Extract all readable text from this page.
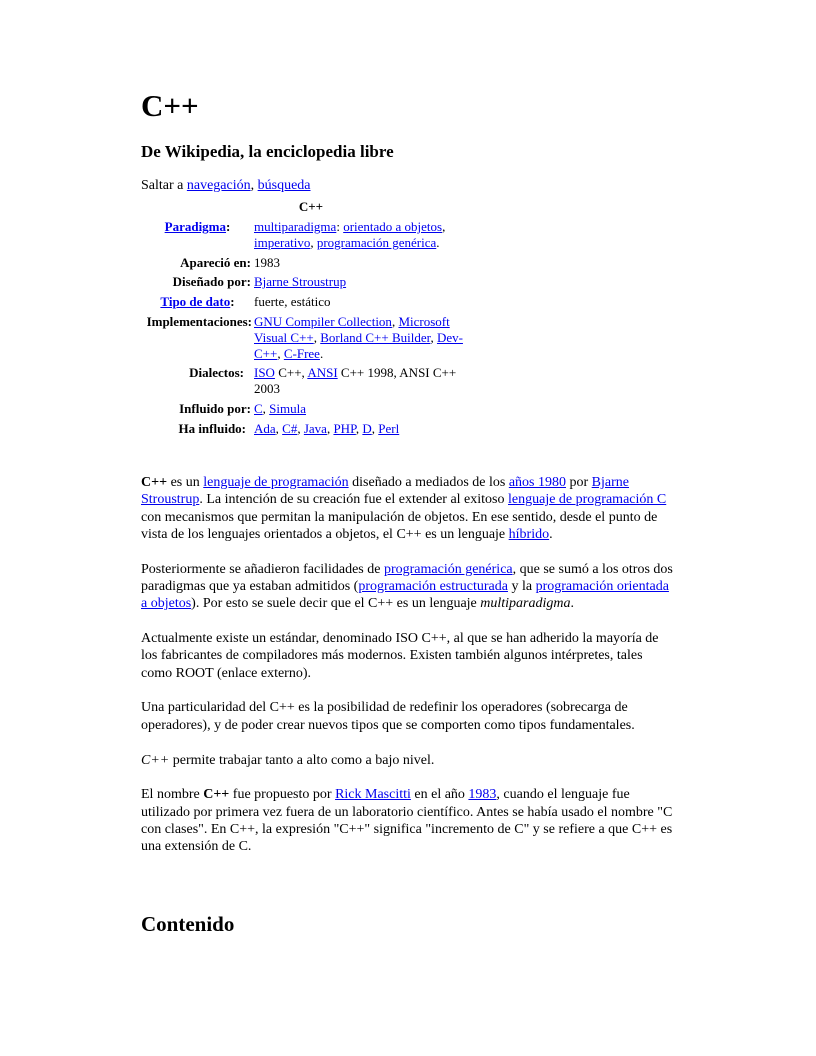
C++
De Wikipedia, la enciclopedia libre
Saltar a navegación, búsqueda
C++
Paradigma:	multiparadigma: orientado a objetos, imperativo, programación genérica.
Apareció en: 1983
Diseñado por: Bjarne Stroustrup
Tipo de dato:	fuerte, estático
Implementaciones: GNU Compiler Collection, Microsoft Visual C++, Borland C++ Builder, Dev-C++, C-Free.
Dialectos: ISO C++, ANSI C++ 1998, ANSI C++ 2003
Influido por: C, Simula
Ha influido: Ada, C#, Java, PHP, D, Perl

C++ es un lenguaje de programación diseñado a mediados de los años 1980 por Bjarne Stroustrup. La intención de su creación fue el extender al exitoso lenguaje de programación C con mecanismos que permitan la manipulación de objetos. En ese sentido, desde el punto de vista de los lenguajes orientados a objetos, el C++ es un lenguaje híbrido.

Posteriormente se añadieron facilidades de programación genérica, que se sumó a los otros dos paradigmas que ya estaban admitidos (programación estructurada y la programación orientada a objetos). Por esto se suele decir que el C++ es un lenguaje multiparadigma.

Actualmente existe un estándar, denominado ISO C++, al que se han adherido la mayoría de los fabricantes de compiladores más modernos. Existen también algunos intérpretes, tales como ROOT (enlace externo).

Una particularidad del C++ es la posibilidad de redefinir los operadores (sobrecarga de operadores), y de poder crear nuevos tipos que se comporten como tipos fundamentales.

C++ permite trabajar tanto a alto como a bajo nivel.

El nombre C++ fue propuesto por Rick Mascitti en el año 1983, cuando el lenguaje fue utilizado por primera vez fuera de un laboratorio científico. Antes se había usado el nombre "C con clases". En C++, la expresión "C++" significa "incremento de C" y se refiere a que C++ es una extensión de C.

Contenido
